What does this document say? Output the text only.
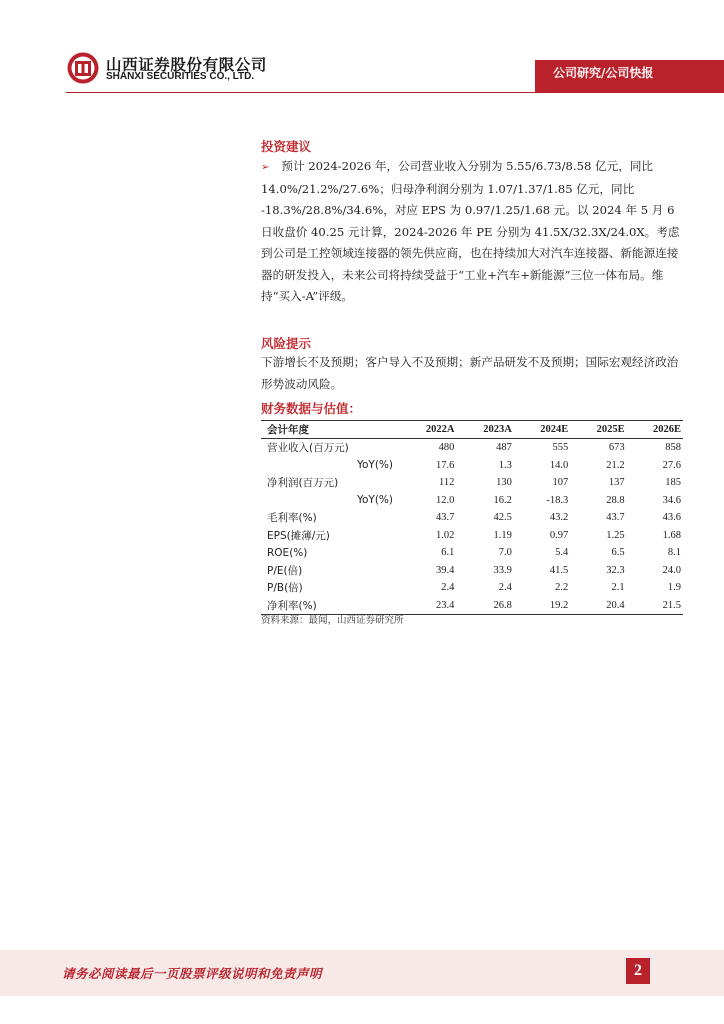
山西证券股份有限公司
SHANXI SECURITIES CO., LTD.	公司研究/公司快报
投资建议

➢ 预计 2024-2026 年，公司营业收入分别为 5.55/6.73/8.58 亿元，同比 14.0%/21.2%/27.6%；归母净利润分别为 1.07/1.37/1.85 亿元，同比 -18.3%/28.8%/34.6%，对应 EPS 为 0.97/1.25/1.68 元。以 2024 年 5 月 6 日收盘价 40.25 元计算，2024-2026 年 PE 分别为 41.5X/32.3X/24.0X。考虑到公司是工控领域连接器的领先供应商，也在持续加大对汽车连接器、新能源连接器的研发投入，未来公司将持续受益于“工业+汽车+新能源”三位一体布局。维持“买入-A”评级。

风险提示

下游增长不及预期；客户导入不及预期；新产品研发不及预期；国际宏观经济政治形势波动风险。

财务数据与估值：
会计年度	2022A	2023A	2024E	2025E	2026E
营业收入(百万元)	480	487	555	673	858
YoY(%)	17.6	1.3	14.0	21.2	27.6
净利润(百万元)	112	130	107	137	185
YoY(%)	12.0	16.2	-18.3	28.8	34.6
毛利率(%)	43.7	42.5	43.2	43.7	43.6
EPS(摊薄/元)	1.02	1.19	0.97	1.25	1.68
ROE(%)	6.1	7.0	5.4	6.5	8.1
P/E(倍)	39.4	33.9	41.5	32.3	24.0
P/B(倍)	2.4	2.4	2.2	2.1	1.9
净利率(%)	23.4	26.8	19.2	20.4	21.5
资料来源：最闻，山西证券研究所
请务必阅读最后一页股票评级说明和免责声明	2
